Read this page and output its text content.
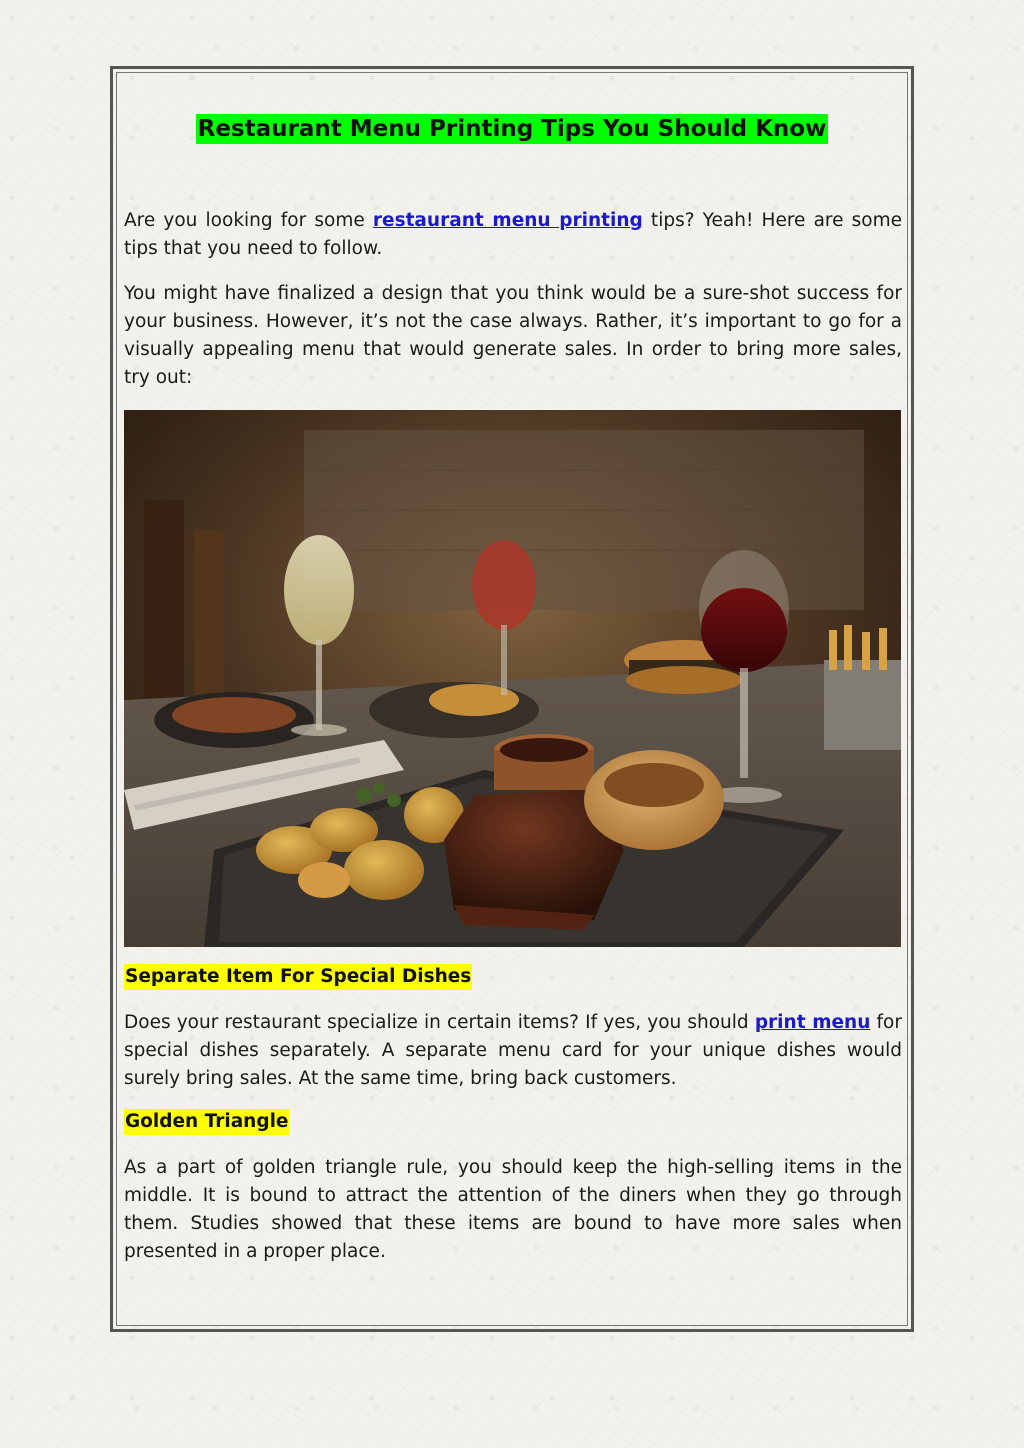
Restaurant Menu Printing Tips You Should Know

Are you looking for some restaurant menu printing tips? Yeah! Here are some tips that you need to follow.

You might have finalized a design that you think would be a sure-shot success for your business. However, it’s not the case always. Rather, it’s important to go for a visually appealing menu that would generate sales. In order to bring more sales, try out:

Separate Item For Special Dishes

Does your restaurant specialize in certain items? If yes, you should print menu for special dishes separately. A separate menu card for your unique dishes would surely bring sales. At the same time, bring back customers.

Golden Triangle

As a part of golden triangle rule, you should keep the high-selling items in the middle. It is bound to attract the attention of the diners when they go through them. Studies showed that these items are bound to have more sales when presented in a proper place.
